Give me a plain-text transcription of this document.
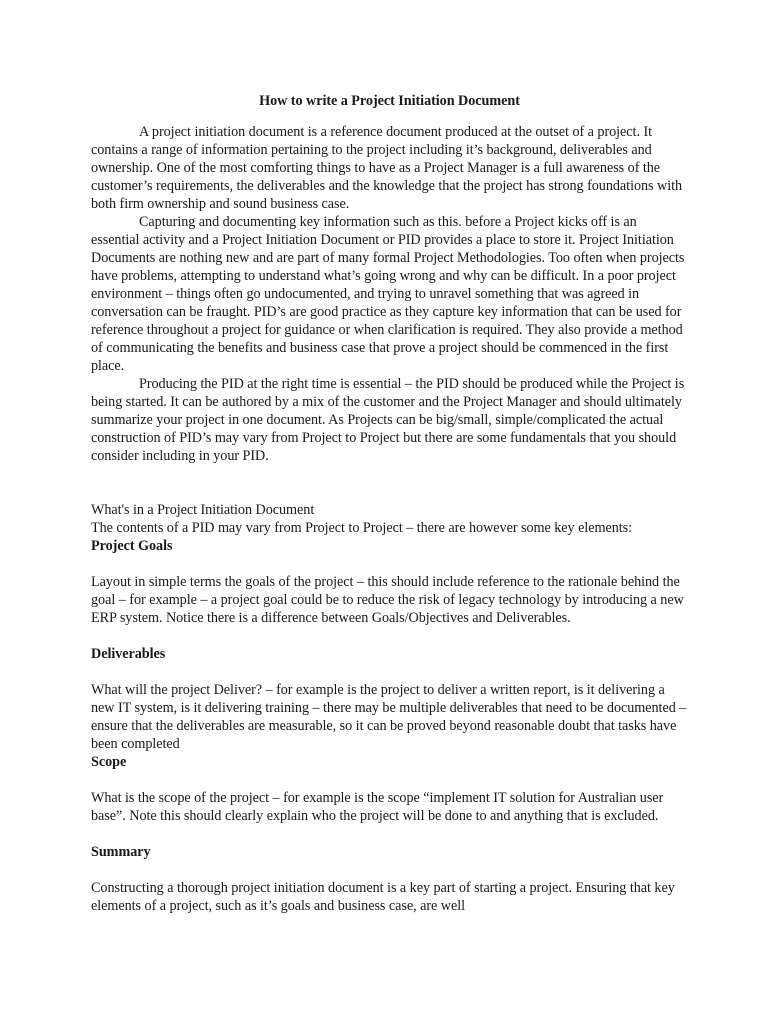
How to write a Project Initiation Document

A project initiation document is a reference document produced at the outset of a project. It contains a range of information pertaining to the project including it’s background, deliverables and ownership. One of the most comforting things to have as a Project Manager is a full awareness of the customer’s requirements, the deliverables and the knowledge that the project has strong foundations with both firm ownership and sound business case.

Capturing and documenting key information such as this. before a Project kicks off is an essential activity and a Project Initiation Document or PID provides a place to store it. Project Initiation Documents are nothing new and are part of many formal Project Methodologies. Too often when projects have problems, attempting to understand what’s going wrong and why can be difficult. In a poor project environment – things often go undocumented, and trying to unravel something that was agreed in conversation can be fraught. PID’s are good practice as they capture key information that can be used for reference throughout a project for guidance or when clarification is required. They also provide a method of communicating the benefits and business case that prove a project should be commenced in the first place.

Producing the PID at the right time is essential – the PID should be produced while the Project is being started. It can be authored by a mix of the customer and the Project Manager and should ultimately summarize your project in one document. As Projects can be big/small, simple/complicated the actual construction of PID’s may vary from Project to Project but there are some fundamentals that you should consider including in your PID.

What's in a Project Initiation Document

The contents of a PID may vary from Project to Project – there are however some key elements:

Project Goals

Layout in simple terms the goals of the project – this should include reference to the rationale behind the goal – for example – a project goal could be to reduce the risk of legacy technology by introducing a new ERP system. Notice there is a difference between Goals/Objectives and Deliverables.

Deliverables

What will the project Deliver? – for example is the project to deliver a written report, is it delivering a new IT system, is it delivering training – there may be multiple deliverables that need to be documented – ensure that the deliverables are measurable, so it can be proved beyond reasonable doubt that tasks have been completed

Scope

What is the scope of the project – for example is the scope “implement IT solution for Australian user base”. Note this should clearly explain who the project will be done to and anything that is excluded.

Summary

Constructing a thorough project initiation document is a key part of starting a project. Ensuring that key elements of a project, such as it’s goals and business case, are well
